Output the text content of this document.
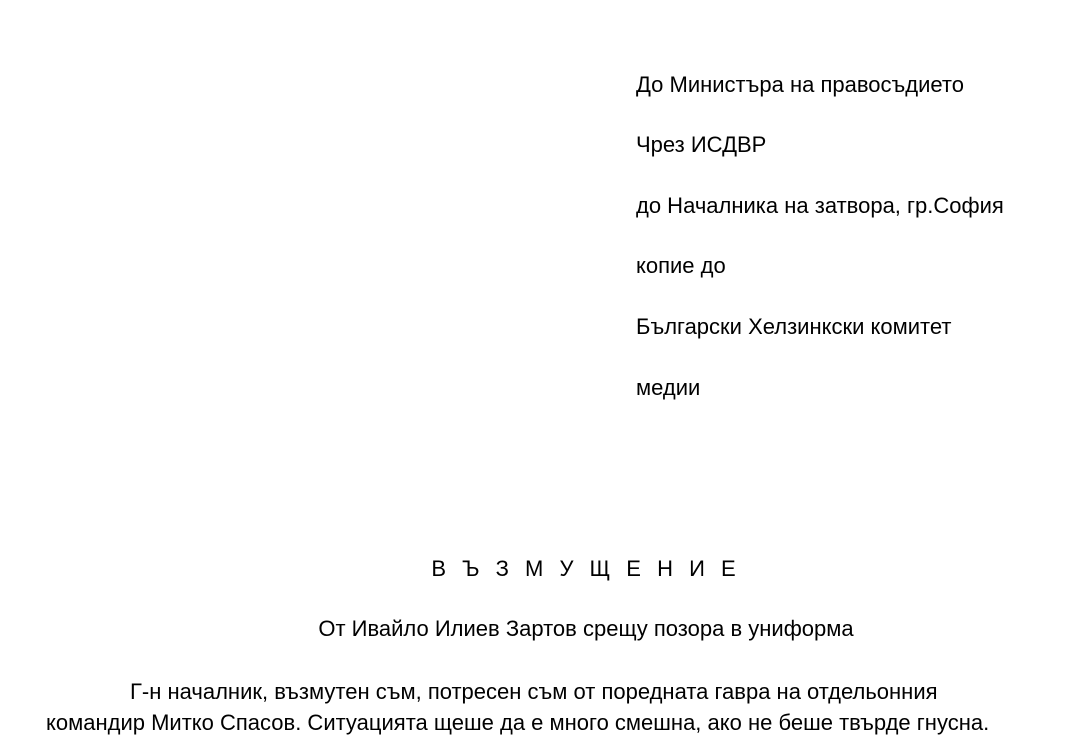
До Министъра на правосъдието
Чрез ИСДВР
до Началника на затвора, гр.София
копие до
Български Хелзинкски комитет
медии
В Ъ З М У Щ Е Н И Е
От Ивайло Илиев Зартов срещу позора в униформа
Г-н началник, възмутен съм, потресен съм от поредната гавра на отдельонния
командир Митко Спасов. Ситуацията щеше да е много смешна, ако не беше твърде гнусна.
